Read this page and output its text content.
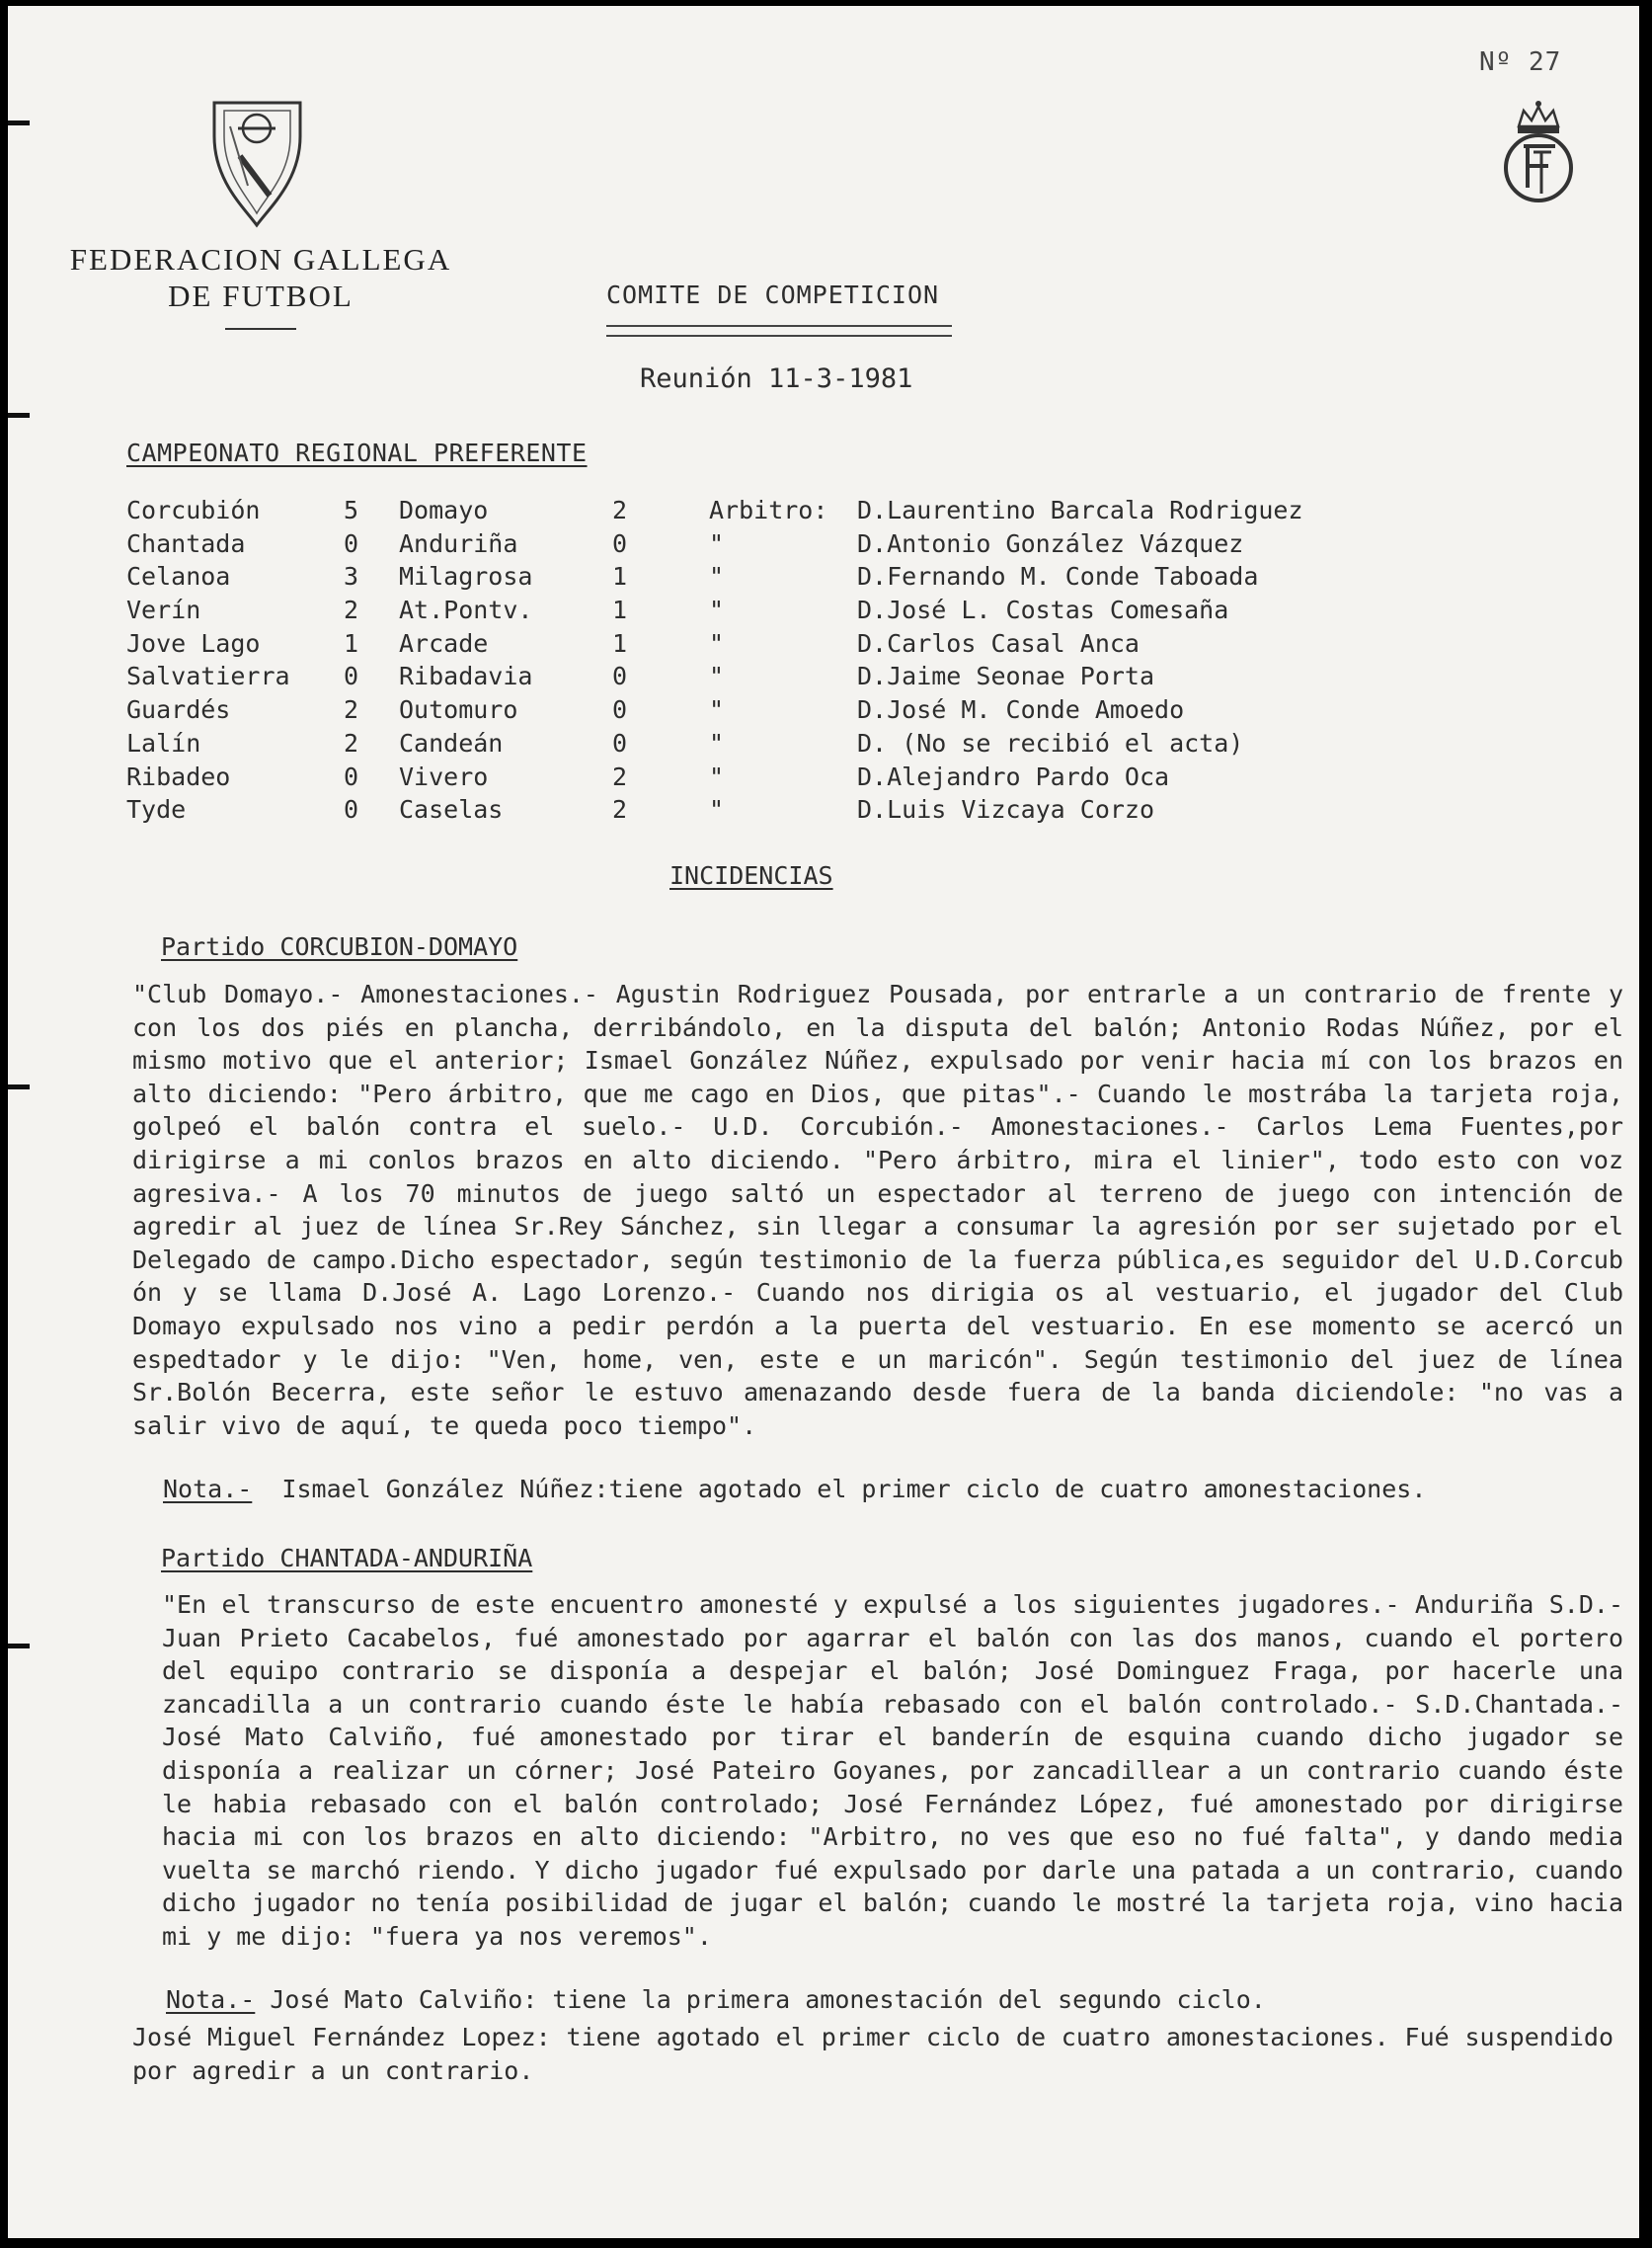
Nº 27
FEDERACION GALLEGA
DE FUTBOL	COMITE DE COMPETICION
Reunión 11-3-1981
CAMPEONATO REGIONAL PREFERENTE
Corcubión	5 Domayo	2	Arbitro: D.Laurentino Barcala Rodriguez
Chantada	0 Anduriña	0	"	D.Antonio González Vázquez
Celanoa	3 Milagrosa	1	"	D.Fernando M. Conde Taboada
Verín	2 At.Pontv.	1	"	D.José L. Costas Comesaña
Jove Lago	1 Arcade	1	"	D.Carlos Casal Anca
Salvatierra 0 Ribadavia	0	"	D.Jaime Seonae Porta
Guardés	2 Outomuro	0	"	D.José M. Conde Amoedo
Lalín	2 Candeán	0	"	D. (No se recibió el acta)
Ribadeo	0 Vivero	2	"	D.Alejandro Pardo Oca
Tyde	0 Caselas	2	"	D.Luis Vizcaya Corzo
INCIDENCIAS
Partido CORCUBION-DOMAYO

"Club Domayo.- Amonestaciones.- Agustin Rodriguez Pousada, por entrarle a un contrario de frente y con los dos piés en plancha, derribándolo, en la disputa del balón; Antonio Rodas Núñez, por el mismo motivo que el anterior; Ismael González Núñez, expulsado por venir hacia mí con los brazos en alto diciendo: "Pero árbitro, que me cago en Dios, que pitas".- Cuando le mostrába la tarjeta roja, golpeó el balón contra el suelo.- U.D. Corcubión.- Amonestaciones.- Carlos Lema Fuentes,por dirigirse a mi conlos brazos en alto diciendo. "Pero árbitro, mira el linier", todo esto con voz agresiva.- A los 70 minutos de juego saltó un espectador al terreno de juego con intención de agredir al juez de línea Sr.Rey Sánchez, sin llegar a consumar la agresión por ser sujetado por el Delegado de campo.Dicho espectador, según testimonio de la fuerza pública,es seguidor del U.D.Corcub ón y se llama D.José A. Lago Lorenzo.- Cuando nos dirigia os al vestuario, el jugador del Club Domayo expulsado nos vino a pedir perdón a la puerta del vestuario. En ese momento se acercó un espedtador y le dijo: "Ven, home, ven, este e un maricón". Según testimonio del juez de línea Sr.Bolón Becerra, este señor le estuvo amenazando desde fuera de la banda diciendole: "no vas a salir vivo de aquí, te queda poco tiempo".

Nota.- Ismael González Núñez:tiene agotado el primer ciclo de cuatro amonestaciones.
Partido CHANTADA-ANDURIÑA

"En el transcurso de este encuentro amonesté y expulsé a los siguientes jugadores.- Anduriña S.D.- Juan Prieto Cacabelos, fué amonestado por agarrar el balón con las dos manos, cuando el portero del equipo contrario se disponía a despejar el balón; José Dominguez Fraga, por hacerle una zancadilla a un contrario cuando éste le había rebasado con el balón controlado.- S.D.Chantada.- José Mato Calviño, fué amonestado por tirar el banderín de esquina cuando dicho jugador se disponía a realizar un córner; José Pateiro Goyanes, por zancadillear a un contrario cuando éste le habia rebasado con el balón controlado; José Fernández López, fué amonestado por dirigirse hacia mi con los brazos en alto diciendo: "Arbitro, no ves que eso no fué falta", y dando media vuelta se marchó riendo. Y dicho jugador fué expulsado por darle una patada a un contrario, cuando dicho jugador no tenía posibilidad de jugar el balón; cuando le mostré la tarjeta roja, vino hacia mi y me dijo: "fuera ya nos veremos".

Nota.- José Mato Calviño: tiene la primera amonestación del segundo ciclo.

José Miguel Fernández Lopez: tiene agotado el primer ciclo de cuatro amonestaciones. Fué suspendido por agredir a un contrario.
